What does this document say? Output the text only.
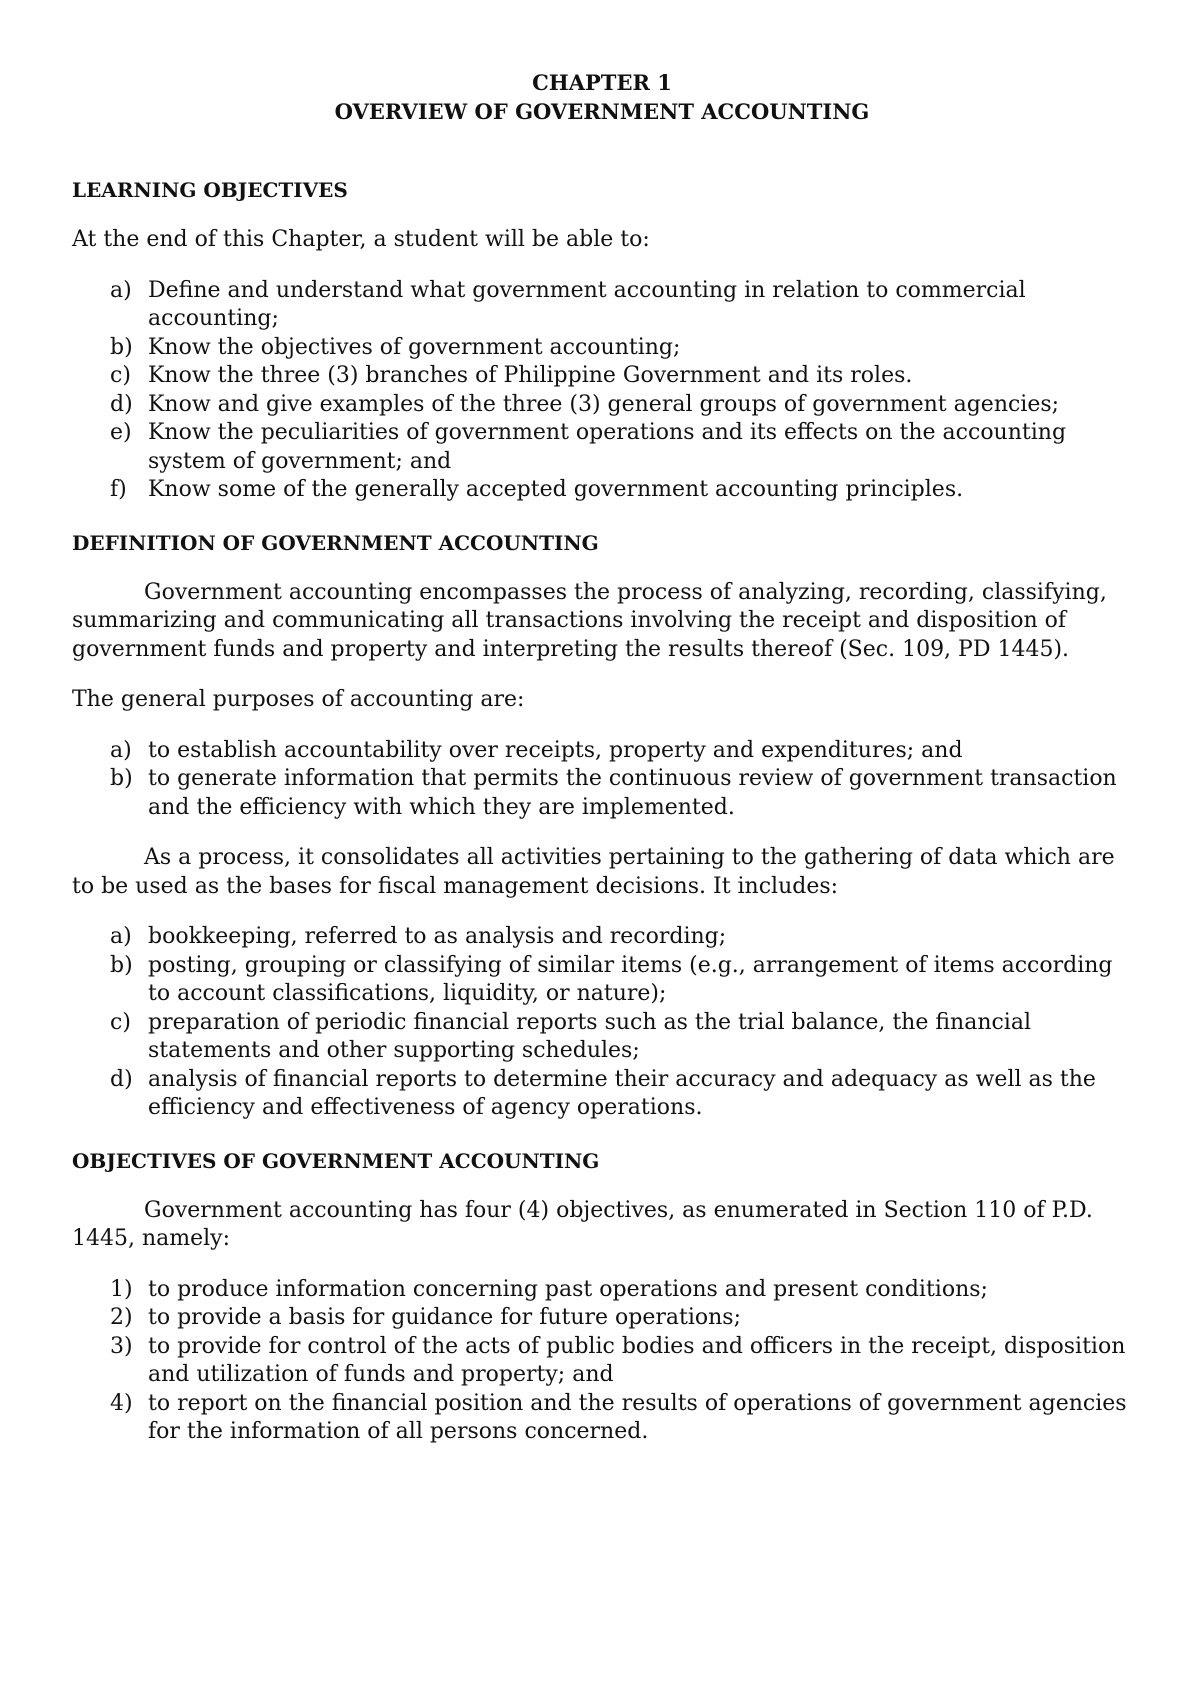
CHAPTER 1
OVERVIEW OF GOVERNMENT ACCOUNTING
LEARNING OBJECTIVES

At the end of this Chapter, a student will be able to:

a) Define and understand what government accounting in relation to commercial accounting;
b) Know the objectives of government accounting;
c) Know the three (3) branches of Philippine Government and its roles.
d) Know and give examples of the three (3) general groups of government agencies;
e) Know the peculiarities of government operations and its effects on the accounting system of government; and
f) Know some of the generally accepted government accounting principles.
DEFINITION OF GOVERNMENT ACCOUNTING

Government accounting encompasses the process of analyzing, recording, classifying, summarizing and communicating all transactions involving the receipt and disposition of government funds and property and interpreting the results thereof (Sec. 109, PD 1445).

The general purposes of accounting are:

a) to establish accountability over receipts, property and expenditures; and
b) to generate information that permits the continuous review of government transaction and the efficiency with which they are implemented.

As a process, it consolidates all activities pertaining to the gathering of data which are to be used as the bases for fiscal management decisions. It includes:

a) bookkeeping, referred to as analysis and recording;
b) posting, grouping or classifying of similar items (e.g., arrangement of items according to account classifications, liquidity, or nature);
c) preparation of periodic financial reports such as the trial balance, the financial statements and other supporting schedules;
d) analysis of financial reports to determine their accuracy and adequacy as well as the efficiency and effectiveness of agency operations.
OBJECTIVES OF GOVERNMENT ACCOUNTING

Government accounting has four (4) objectives, as enumerated in Section 110 of P.D. 1445, namely:

1) to produce information concerning past operations and present conditions;
2) to provide a basis for guidance for future operations;
3) to provide for control of the acts of public bodies and officers in the receipt, disposition and utilization of funds and property; and
4) to report on the financial position and the results of operations of government agencies for the information of all persons concerned.
